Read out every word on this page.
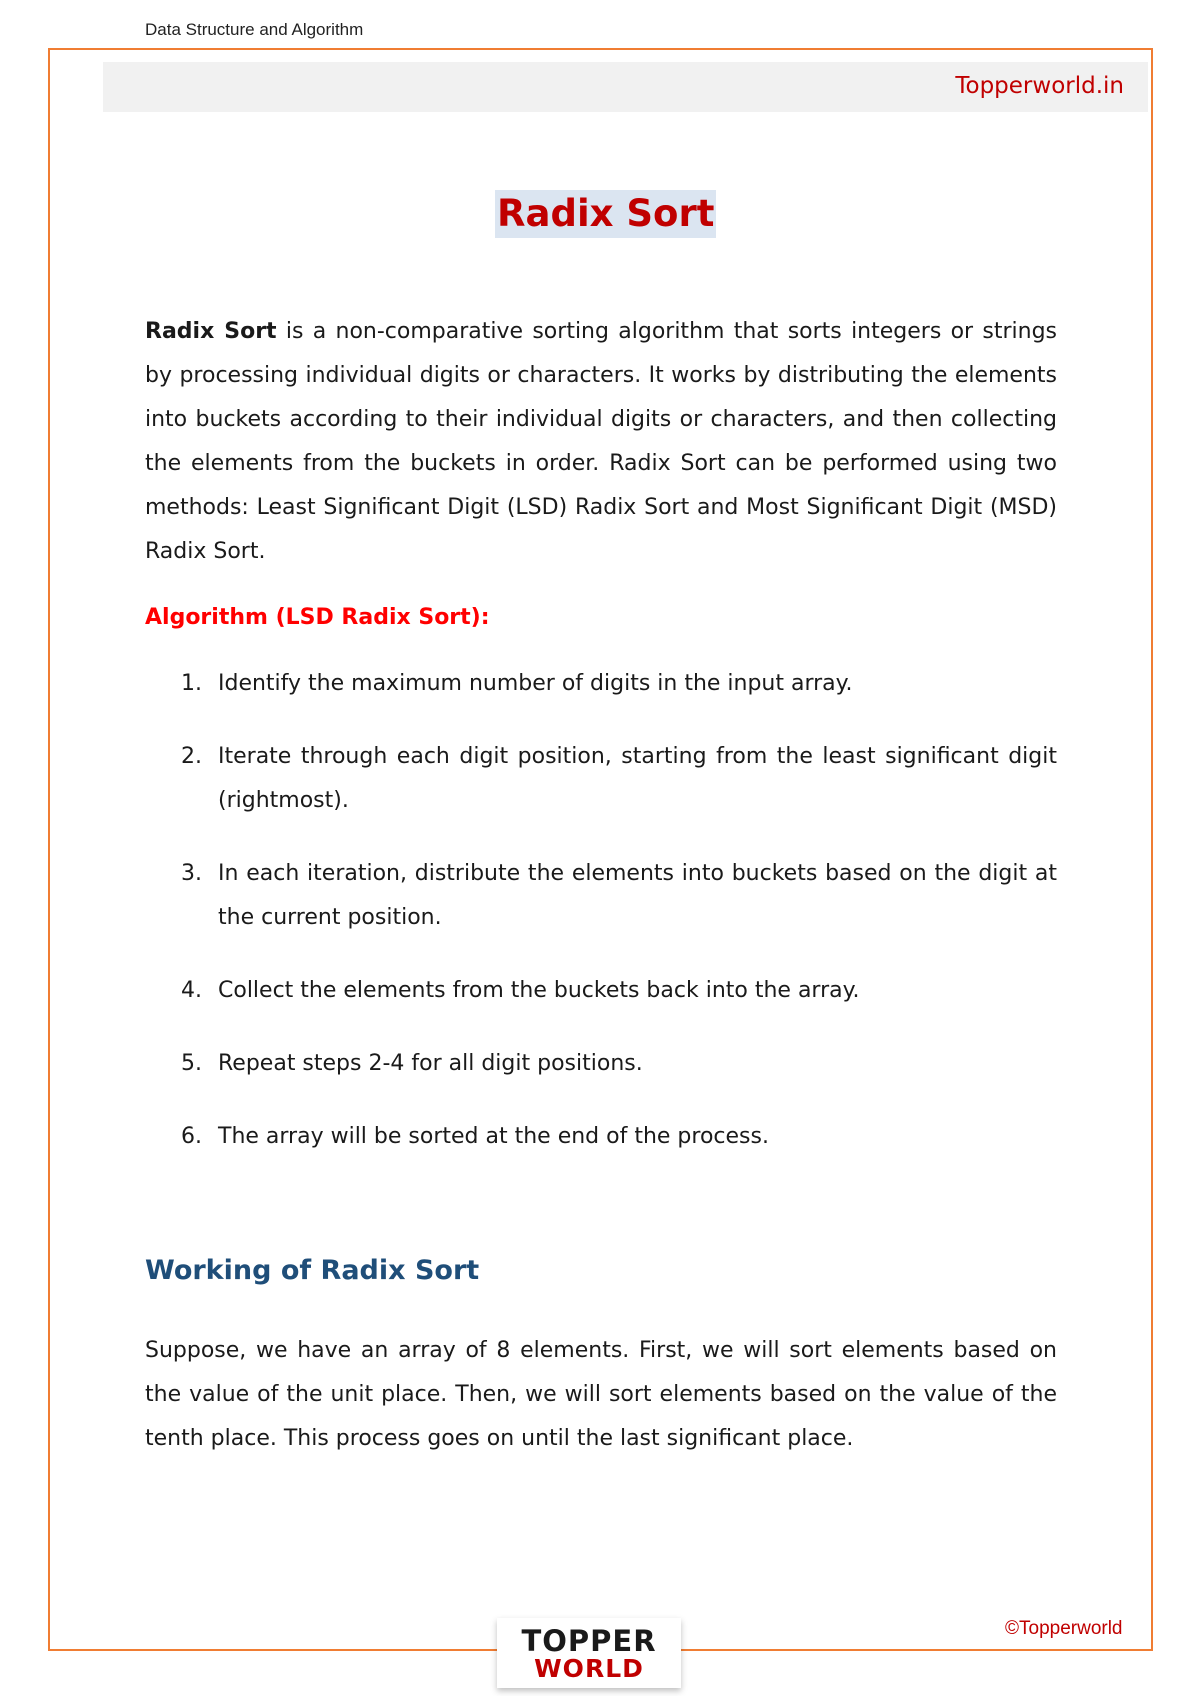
Data Structure and Algorithm
Topperworld.in
Radix Sort

Radix Sort is a non-comparative sorting algorithm that sorts integers or strings by processing individual digits or characters. It works by distributing the elements into buckets according to their individual digits or characters, and then collecting the elements from the buckets in order. Radix Sort can be performed using two methods: Least Significant Digit (LSD) Radix Sort and Most Significant Digit (MSD) Radix Sort.

Algorithm (LSD Radix Sort):
1. Identify the maximum number of digits in the input array.
2. Iterate through each digit position, starting from the least significant digit (rightmost).
3. In each iteration, distribute the elements into buckets based on the digit at the current position.
4. Collect the elements from the buckets back into the array.
5. Repeat steps 2-4 for all digit positions.
6. The array will be sorted at the end of the process.
Working of Radix Sort

Suppose, we have an array of 8 elements. First, we will sort elements based on the value of the unit place. Then, we will sort elements based on the value of the tenth place. This process goes on until the last significant place.

©Topperworld
TOPPER
WORLD
